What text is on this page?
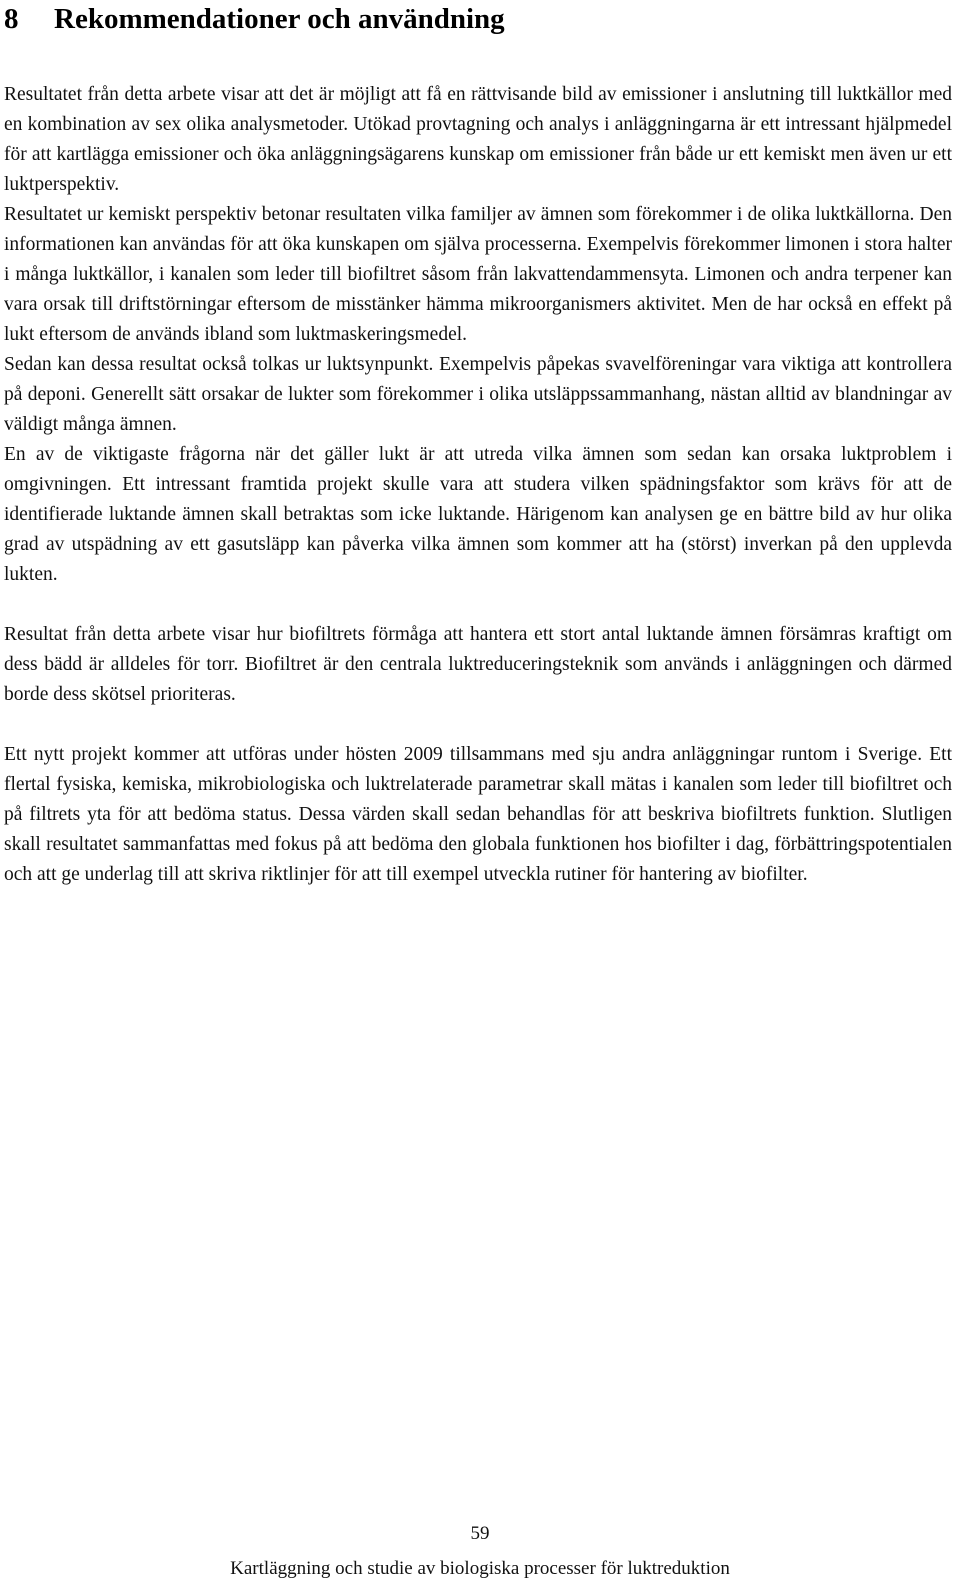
8	Rekommendationer och användning

Resultatet från detta arbete visar att det är möjligt att få en rättvisande bild av emissioner i anslutning till luktkällor med en kombination av sex olika analysmetoder. Utökad provtagning och analys i anläggningarna är ett intressant hjälpmedel för att kartlägga emissioner och öka anläggningsägarens kunskap om emissioner från både ur ett kemiskt men även ur ett luktperspektiv.

Resultatet ur kemiskt perspektiv betonar resultaten vilka familjer av ämnen som förekommer i de olika luktkällorna. Den informationen kan användas för att öka kunskapen om själva processerna. Exempelvis förekommer limonen i stora halter i många luktkällor, i kanalen som leder till biofiltret såsom från lakvattendammensyta. Limonen och andra terpener kan vara orsak till driftstörningar eftersom de misstänker hämma mikroorganismers aktivitet. Men de har också en effekt på lukt eftersom de används ibland som luktmaskeringsmedel.

Sedan kan dessa resultat också tolkas ur luktsynpunkt. Exempelvis påpekas svavelföreningar vara viktiga att kontrollera på deponi. Generellt sätt orsakar de lukter som förekommer i olika utsläppssammanhang, nästan alltid av blandningar av väldigt många ämnen.

En av de viktigaste frågorna när det gäller lukt är att utreda vilka ämnen som sedan kan orsaka luktproblem i omgivningen. Ett intressant framtida projekt skulle vara att studera vilken spädningsfaktor som krävs för att de identifierade luktande ämnen skall betraktas som icke luktande. Härigenom kan analysen ge en bättre bild av hur olika grad av utspädning av ett gasutsläpp kan påverka vilka ämnen som kommer att ha (störst) inverkan på den upplevda lukten.

Resultat från detta arbete visar hur biofiltrets förmåga att hantera ett stort antal luktande ämnen försämras kraftigt om dess bädd är alldeles för torr. Biofiltret är den centrala luktreduceringsteknik som används i anläggningen och därmed borde dess skötsel prioriteras.

Ett nytt projekt kommer att utföras under hösten 2009 tillsammans med sju andra anläggningar runtom i Sverige. Ett flertal fysiska, kemiska, mikrobiologiska och luktrelaterade parametrar skall mätas i kanalen som leder till biofiltret och på filtrets yta för att bedöma status. Dessa värden skall sedan behandlas för att beskriva biofiltrets funktion. Slutligen skall resultatet sammanfattas med fokus på att bedöma den globala funktionen hos biofilter i dag, förbättringspotentialen och att ge underlag till att skriva riktlinjer för att till exempel utveckla rutiner för hantering av biofilter.

59
Kartläggning och studie av biologiska processer för luktreduktion
